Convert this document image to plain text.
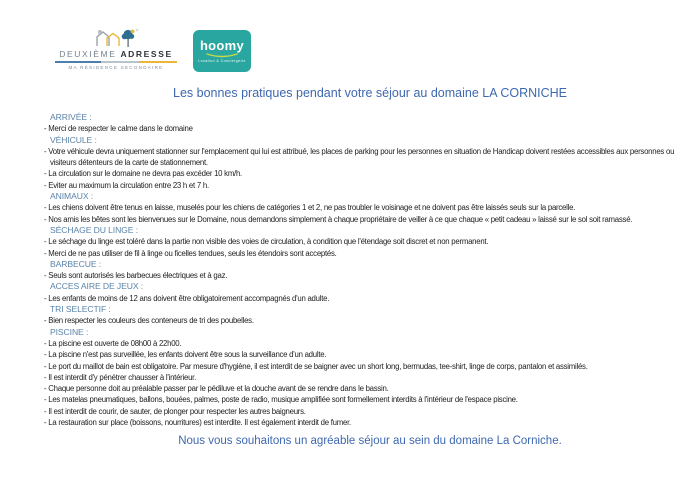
®
DEUXIÈME ADRESSE
MA RÉSIDENCE SECONDAIRE
hoomy
Location & Conciergerie
Les bonnes pratiques pendant votre séjour au domaine LA CORNICHE
ARRIVÉE :
- Merci de respecter le calme dans le domaine
VÉHICULE :
- Votre véhicule devra uniquement stationner sur l'emplacement qui lui est attribué, les places de parking pour les personnes en situation de Handicap doivent restées accessibles aux personnes ou visiteurs détenteurs de la carte de stationnement.
- La circulation sur le domaine ne devra pas excéder 10 km/h.
- Eviter au maximum la circulation entre 23 h et 7 h.
ANIMAUX :
- Les chiens doivent être tenus en laisse, muselés pour les chiens de catégories 1 et 2, ne pas troubler le voisinage et ne doivent pas être laissés seuls sur la parcelle.
- Nos amis les bêtes sont les bienvenues sur le Domaine, nous demandons simplement à chaque propriétaire de veiller à ce que chaque « petit cadeau » laissé sur le sol soit ramassé.
SÉCHAGE DU LINGE :
- Le séchage du linge est toléré dans la partie non visible des voies de circulation, à condition que l'étendage soit discret et non permanent.
- Merci de ne pas utiliser de fil à linge ou ficelles tendues, seuls les étendoirs sont acceptés.
BARBECUE :
- Seuls sont autorisés les barbecues électriques et à gaz.
ACCES AIRE DE JEUX :
- Les enfants de moins de 12 ans doivent être obligatoirement accompagnés d'un adulte.
TRI SELECTIF :
- Bien respecter les couleurs des conteneurs de tri des poubelles.
PISCINE :
- La piscine est ouverte de 08h00 à 22h00.
- La piscine n'est pas surveillée, les enfants doivent être sous la surveillance d'un adulte.
- Le port du maillot de bain est obligatoire. Par mesure d'hygiène, il est interdit de se baigner avec un short long, bermudas, tee-shirt, linge de corps, pantalon et assimilés.
- Il est interdit d'y pénétrer chausser à l'intérieur.
- Chaque personne doit au préalable passer par le pédiluve et la douche avant de se rendre dans le bassin.
- Les matelas pneumatiques, ballons, bouées, palmes, poste de radio, musique amplifiée sont formellement interdits à l'intérieur de l'espace piscine.
- Il est interdit de courir, de sauter, de plonger pour respecter les autres baigneurs.
- La restauration sur place (boissons, nourritures) est interdite. Il est également interdit de fumer.
Nous vous souhaitons un agréable séjour au sein du domaine La Corniche.
